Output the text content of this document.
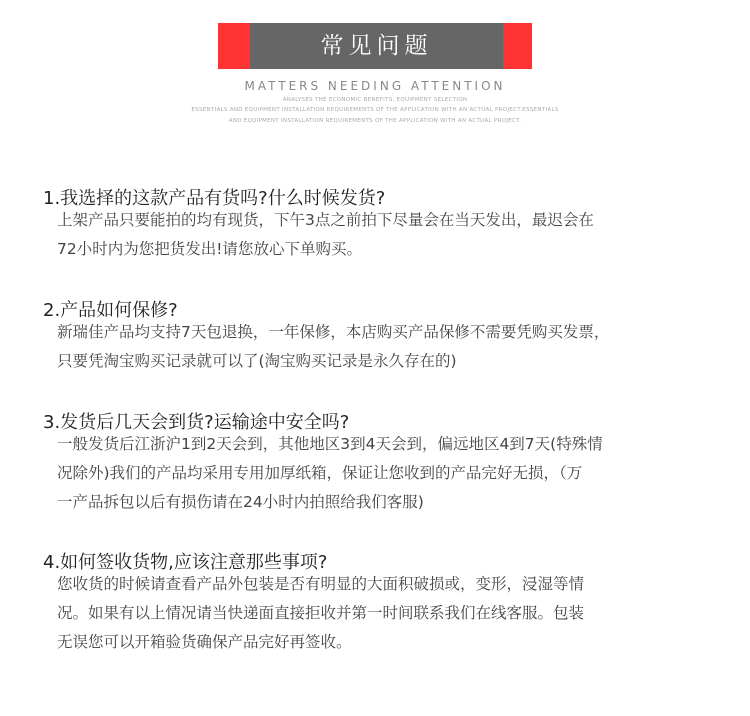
常见问题
MATTERS NEEDING ATTENTION
ANALYSES THE ECONOMIC BENEFITS, EQUIPMENT SELECTION
ESSENTIALS AND EQUIPMENT INSTALLATION REQUIREMENTS OF THE APPLICATION WITH AN ACTUAL PROJECT.ESSENTIALS
AND EQUIPMENT INSTALLATION REQUIREMENTS OF THE APPLICATION WITH AN ACTUAL PROJECT.
1.我选择的这款产品有货吗?什么时候发货?
上架产品只要能拍的均有现货，下午3点之前拍下尽量会在当天发出，最迟会在
72小时内为您把货发出!请您放心下单购买。
2.产品如何保修?
新瑞佳产品均支持7天包退换，一年保修，本店购买产品保修不需要凭购买发票，
只要凭淘宝购买记录就可以了(淘宝购买记录是永久存在的)
3.发货后几天会到货?运输途中安全吗?
一般发货后江浙沪1到2天会到，其他地区3到4天会到，偏远地区4到7天(特殊情
况除外)我们的产品均采用专用加厚纸箱，保证让您收到的产品完好无损，（万
一产品拆包以后有损伤请在24小时内拍照给我们客服)
4.如何签收货物,应该注意那些事项?
您收货的时候请查看产品外包装是否有明显的大面积破损或，变形，浸湿等情
况。如果有以上情况请当快递面直接拒收并第一时间联系我们在线客服。包装
无误您可以开箱验货确保产品完好再签收。
